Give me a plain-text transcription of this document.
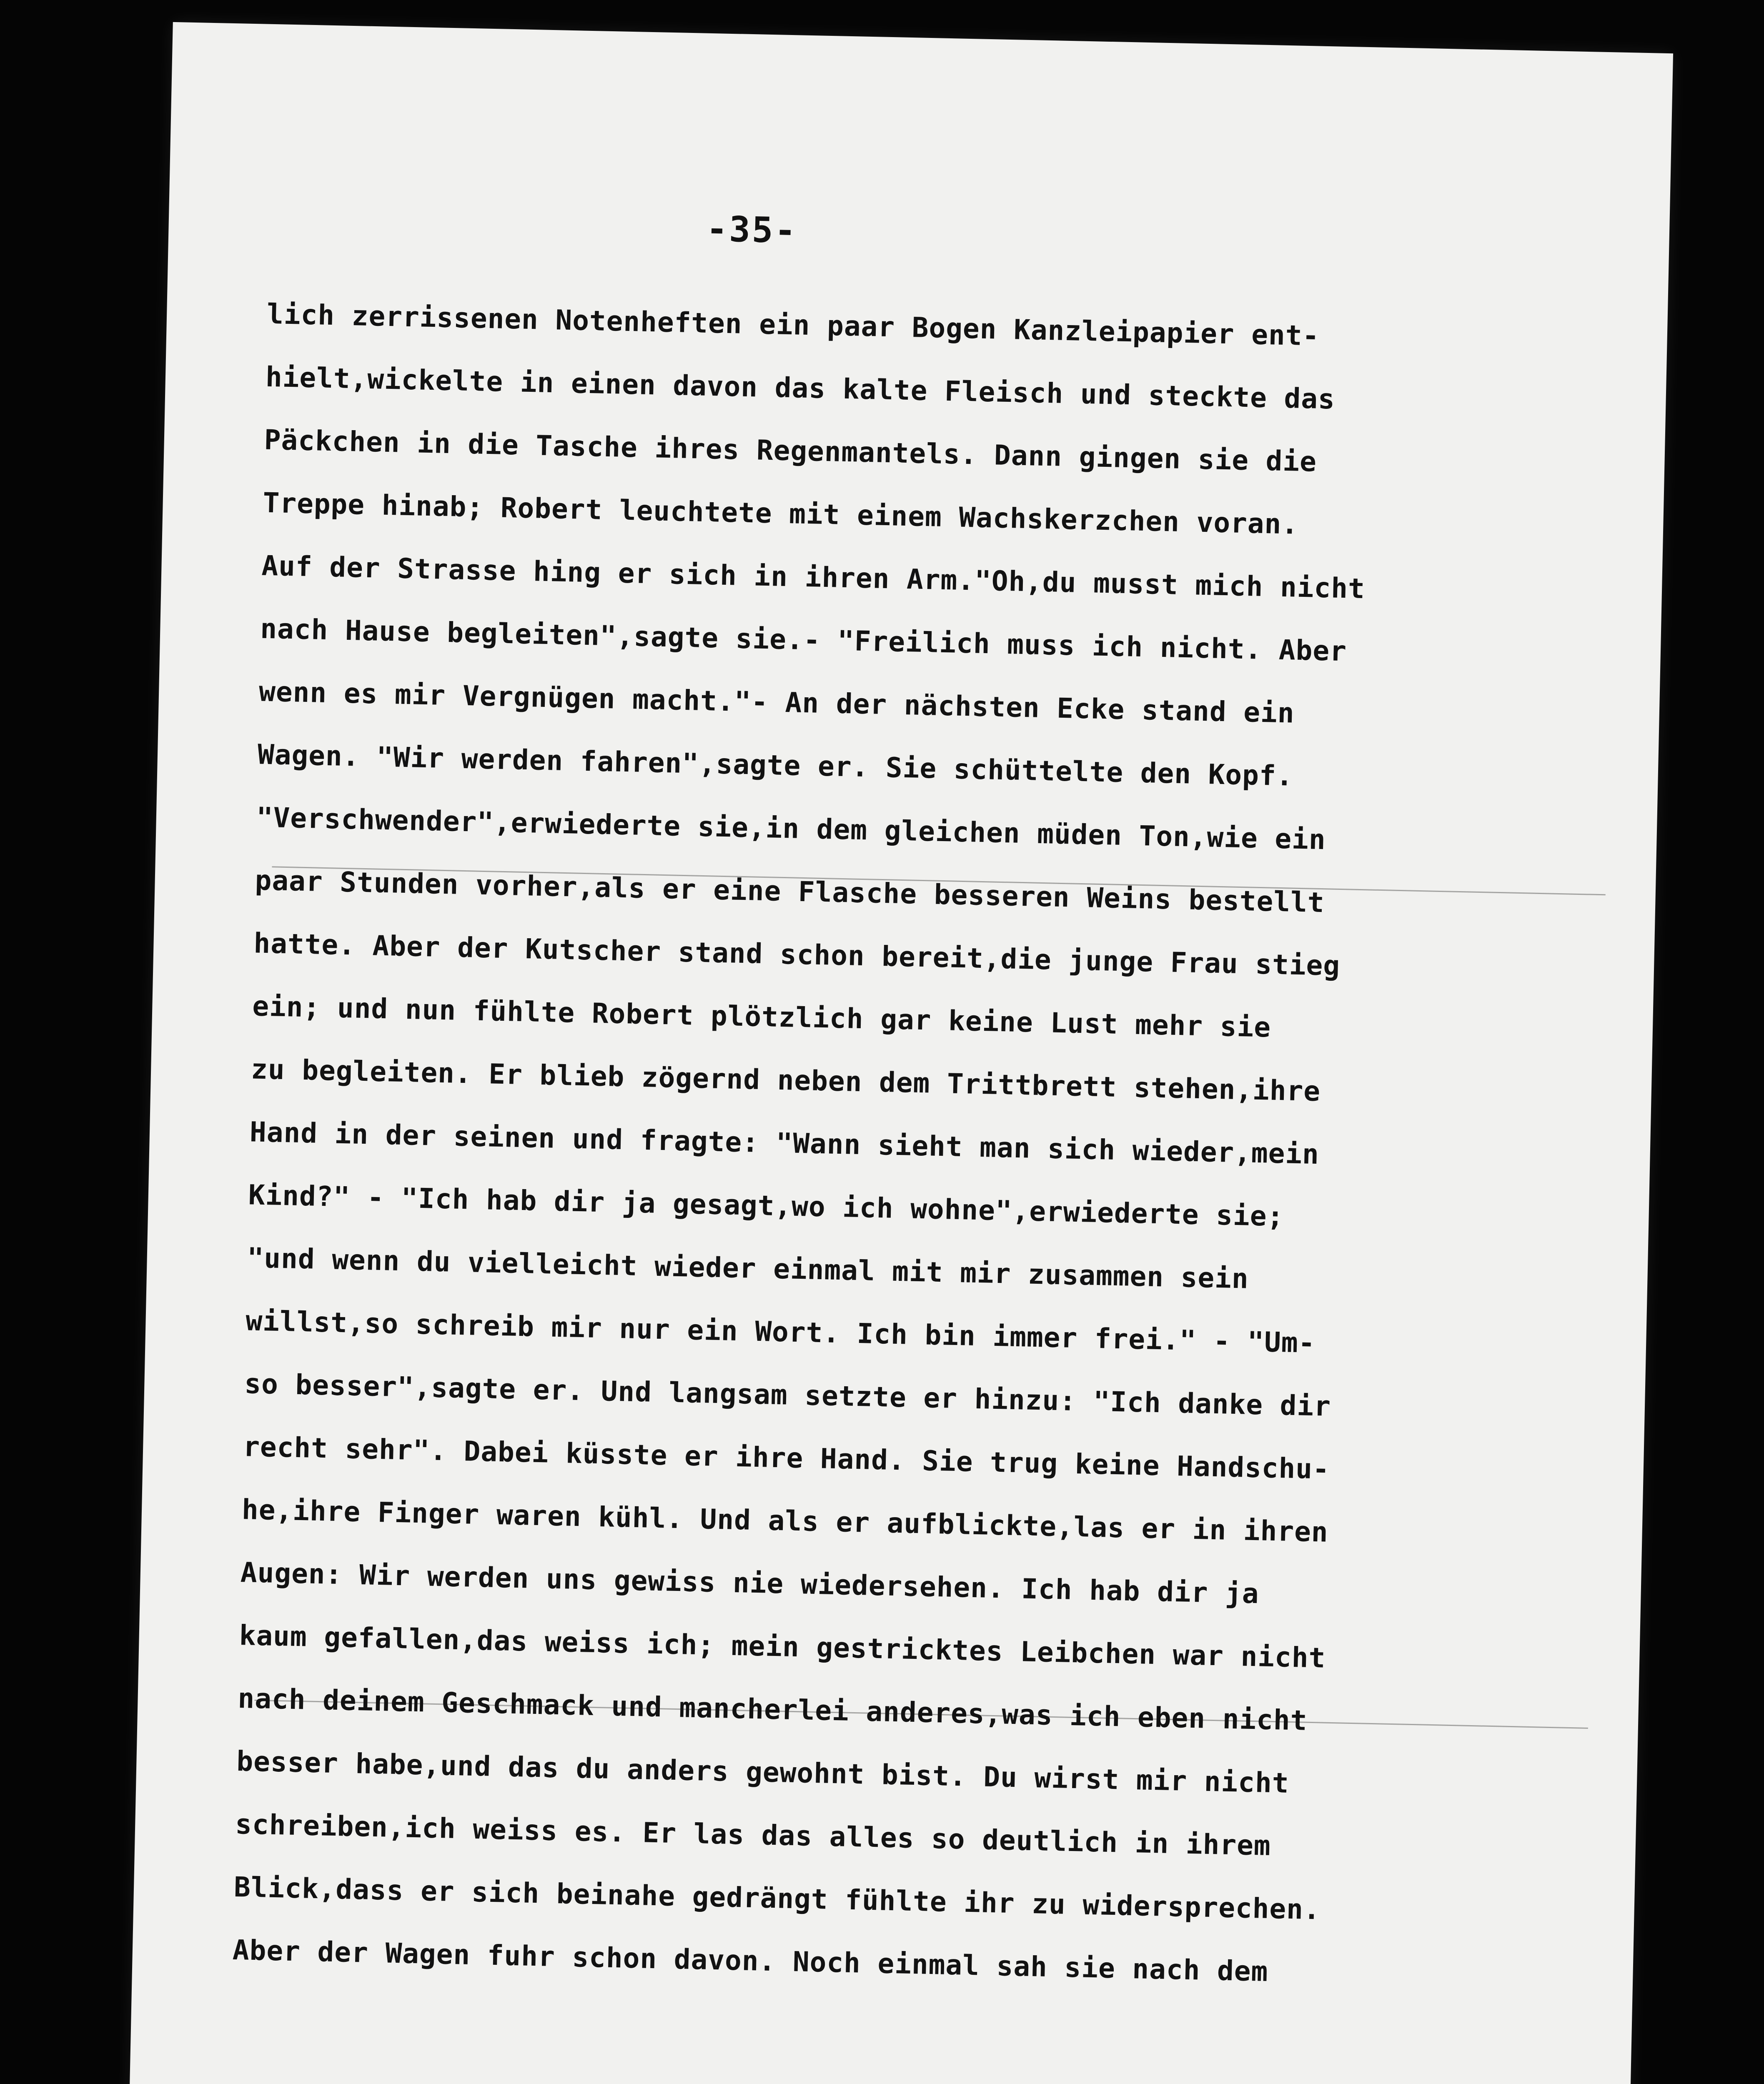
-35-
lich zerrissenen Notenheften ein paar Bogen Kanzleipapier ent-
hielt,wickelte in einen davon das kalte Fleisch und steckte das
Päckchen in die Tasche ihres Regenmantels. Dann gingen sie die
Treppe hinab; Robert leuchtete mit einem Wachskerzchen voran.
Auf der Strasse hing er sich in ihren Arm."Oh,du musst mich nicht
nach Hause begleiten",sagte sie.- "Freilich muss ich nicht. Aber
wenn es mir Vergnügen macht."- An der nächsten Ecke stand ein
Wagen. "Wir werden fahren",sagte er. Sie schüttelte den Kopf.
"Verschwender",erwiederte sie,in dem gleichen müden Ton,wie ein
paar Stunden vorher,als er eine Flasche besseren Weins bestellt
hatte. Aber der Kutscher stand schon bereit,die junge Frau stieg
ein; und nun fühlte Robert plötzlich gar keine Lust mehr sie
zu begleiten. Er blieb zögernd neben dem Trittbrett stehen,ihre
Hand in der seinen und fragte: "Wann sieht man sich wieder,mein
Kind?" - "Ich hab dir ja gesagt,wo ich wohne",erwiederte sie;
"und wenn du vielleicht wieder einmal mit mir zusammen sein
willst,so schreib mir nur ein Wort. Ich bin immer frei." - "Um-
so besser",sagte er. Und langsam setzte er hinzu: "Ich danke dir
recht sehr". Dabei küsste er ihre Hand. Sie trug keine Handschu-
he,ihre Finger waren kühl. Und als er aufblickte,las er in ihren
Augen: Wir werden uns gewiss nie wiedersehen. Ich hab dir ja
kaum gefallen,das weiss ich; mein gestricktes Leibchen war nicht
nach deinem Geschmack und mancherlei anderes,was ich eben nicht
besser habe,und das du anders gewohnt bist. Du wirst mir nicht
schreiben,ich weiss es. Er las das alles so deutlich in ihrem
Blick,dass er sich beinahe gedrängt fühlte ihr zu widersprechen.
Aber der Wagen fuhr schon davon. Noch einmal sah sie nach dem
